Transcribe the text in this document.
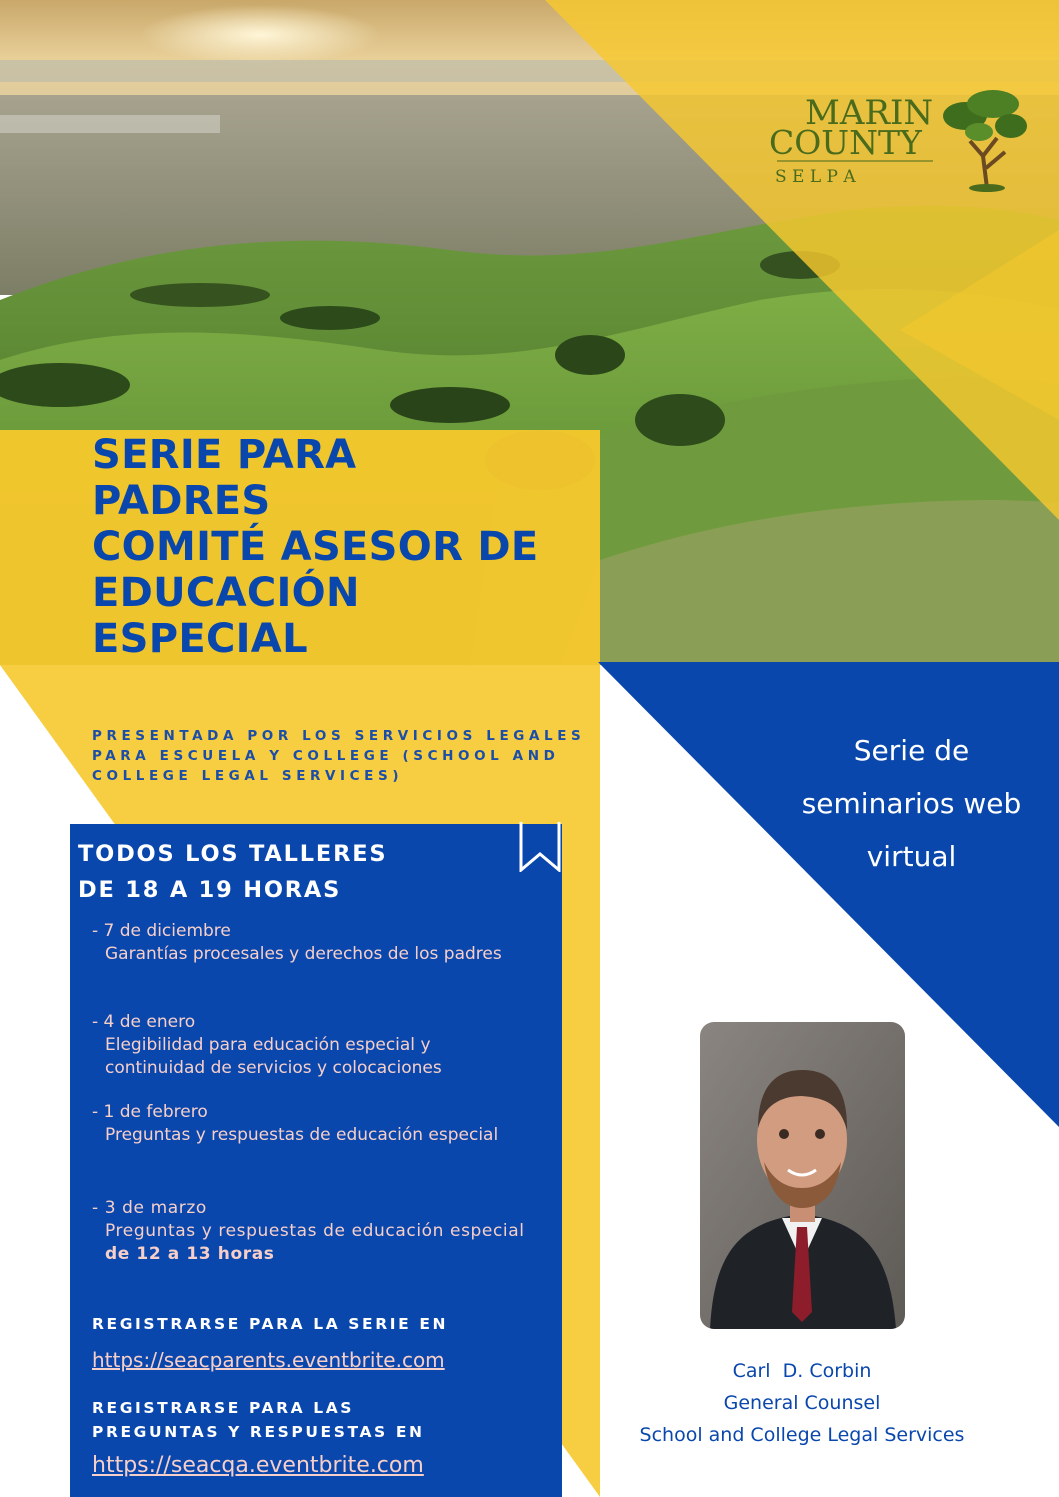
MARIN
COUNTY
S E L P A
SERIE PARA
PADRES
COMITÉ ASESOR DE
EDUCACIÓN
ESPECIAL

PRESENTADA POR LOS SERVICIOS LEGALES PARA ESCUELA Y COLLEGE (SCHOOL AND COLLEGE LEGAL SERVICES)

Serie de
seminarios web
virtual

TODOS LOS TALLERES
DE 18 A 19 HORAS

- 7 de diciembre
Garantías procesales y derechos de los padres
- 4 de enero
Elegibilidad para educación especial y continuidad de servicios y colocaciones
- 1 de febrero
Preguntas y respuestas de educación especial
- 3 de marzo
Preguntas y respuestas de educación especial de 12 a 13 horas

REGISTRARSE PARA LA SERIE EN

https://seacparents.eventbrite.com

REGISTRARSE PARA LAS
PREGUNTAS Y RESPUESTAS EN

https://seacqa.eventbrite.com
Carl  D. Corbin
General Counsel
School and College Legal Services
